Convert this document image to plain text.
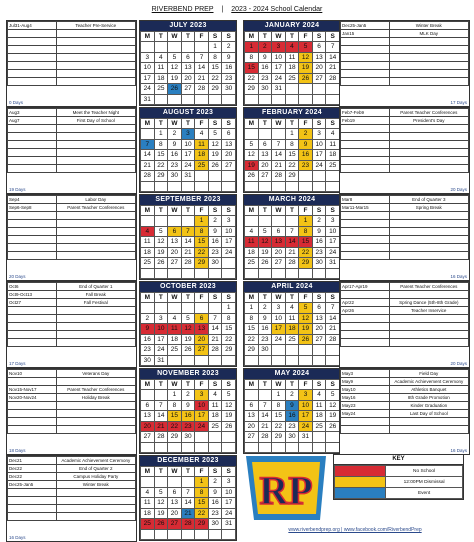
RIVERBEND PREP | 2023 - 2024 School Calendar
Jul31-Aug4	Teacher Pre-Service

0 Days
JULY 2023
M	T	W	T	F	S	S
					1	2
3	4	5	6	7	8	9
10	11	12	13	14	15	16
17	18	19	20	21	22	23
24	25	26	27	28	29	30
31						
JANUARY 2024
M	T	W	T	F	S	S
1	2	3	4	5	6	7
8	9	10	11	12	13	14
15	16	17	18	19	20	21
22	23	24	25	26	27	28
29	30	31				

Dec25-Jan5	Winter Break
Jan15	MLK Day

17 Days
Aug3	Meet the Teacher Night
Aug7	First Day of School

19 Days
AUGUST 2023
M	T	W	T	F	S	S
	1	2	3	4	5	6
7	8	9	10	11	12	13
14	15	16	17	18	19	20
21	22	23	24	25	26	27
28	29	30	31			

FEBRUARY 2024
M	T	W	T	F	S	S
			1	2	3	4
5	6	7	8	9	10	11
12	13	14	15	16	17	18
19	20	21	22	23	24	25
26	27	28	29			

Feb7-Feb9	Parent Teacher Conferences
Feb19	President's Day

20 Days
Sep4	Labor Day
Sep6-Sep8	Parent Teacher Conferences

20 Days
SEPTEMBER 2023
M	T	W	T	F	S	S
				1	2	3
4	5	6	7	8	9	10
11	12	13	14	15	16	17
18	19	20	21	22	23	24
25	26	27	28	29	30	

MARCH 2024
M	T	W	T	F	S	S
				1	2	3
4	5	6	7	8	9	10
11	12	13	14	15	16	17
18	19	20	21	22	23	24
25	26	27	28	29	30	31

Mar8	End of Quarter 3
Mar11-Mar15	Spring Break

16 Days
Oct6	End of Quarter 1
Oct9-Oct13	Fall Break
Oct27	Fall Festival

17 Days
OCTOBER 2023
M	T	W	T	F	S	S
						1
2	3	4	5	6	7	8
9	10	11	12	13	14	15
16	17	18	19	20	21	22
23	24	25	26	27	28	29
30	31					
APRIL 2024
M	T	W	T	F	S	S
1	2	3	4	5	6	7
8	9	10	11	12	13	14
15	16	17	18	19	20	21
22	23	24	25	26	27	28
29	30					

Apr17-Apr19	Parent Teacher Conferences

Apr22	Spring Dance (5th-8th Grade)
Apr26	Teacher Inservice

20 Days
Nov10	Veterans Day

Nov15-Nov17	Parent Teacher Conferences
Nov20-Nov24	Holiday Break

18 Days
NOVEMBER 2023
M	T	W	T	F	S	S
		1	2	3	4	5
6	7	8	9	10	11	12
13	14	15	16	17	18	19
20	21	22	23	24	25	26
27	28	29	30			

MAY 2024
M	T	W	T	F	S	S
		1	2	3	4	5
6	7	8	9	10	11	12
13	14	15	16	17	18	19
20	21	22	23	24	25	26
27	28	29	30	31		

May3	Field Day
May9	Academic Achievement Ceremony
May10	Athletics Banquet
May16	8th Grade Promotion
May23	Kinder Graduation
May24	Last Day of School

16 Days
Dec21	Academic Achievement Ceremony
Dec22	End of Quarter 2
Dec22	Campus Holiday Party
Dec25-Jan5	Winter Break

16 Days
DECEMBER 2023
M	T	W	T	F	S	S
				1	2	3
4	5	6	7	8	9	10
11	12	13	14	15	16	17
18	19	20	21	22	23	24
25	26	27	28	29	30	31

RP
KEY
	No School
	12:00PM Dismissal
	Event
www.riverbendprep.org | www.facebook.com/RiverbendPrep
